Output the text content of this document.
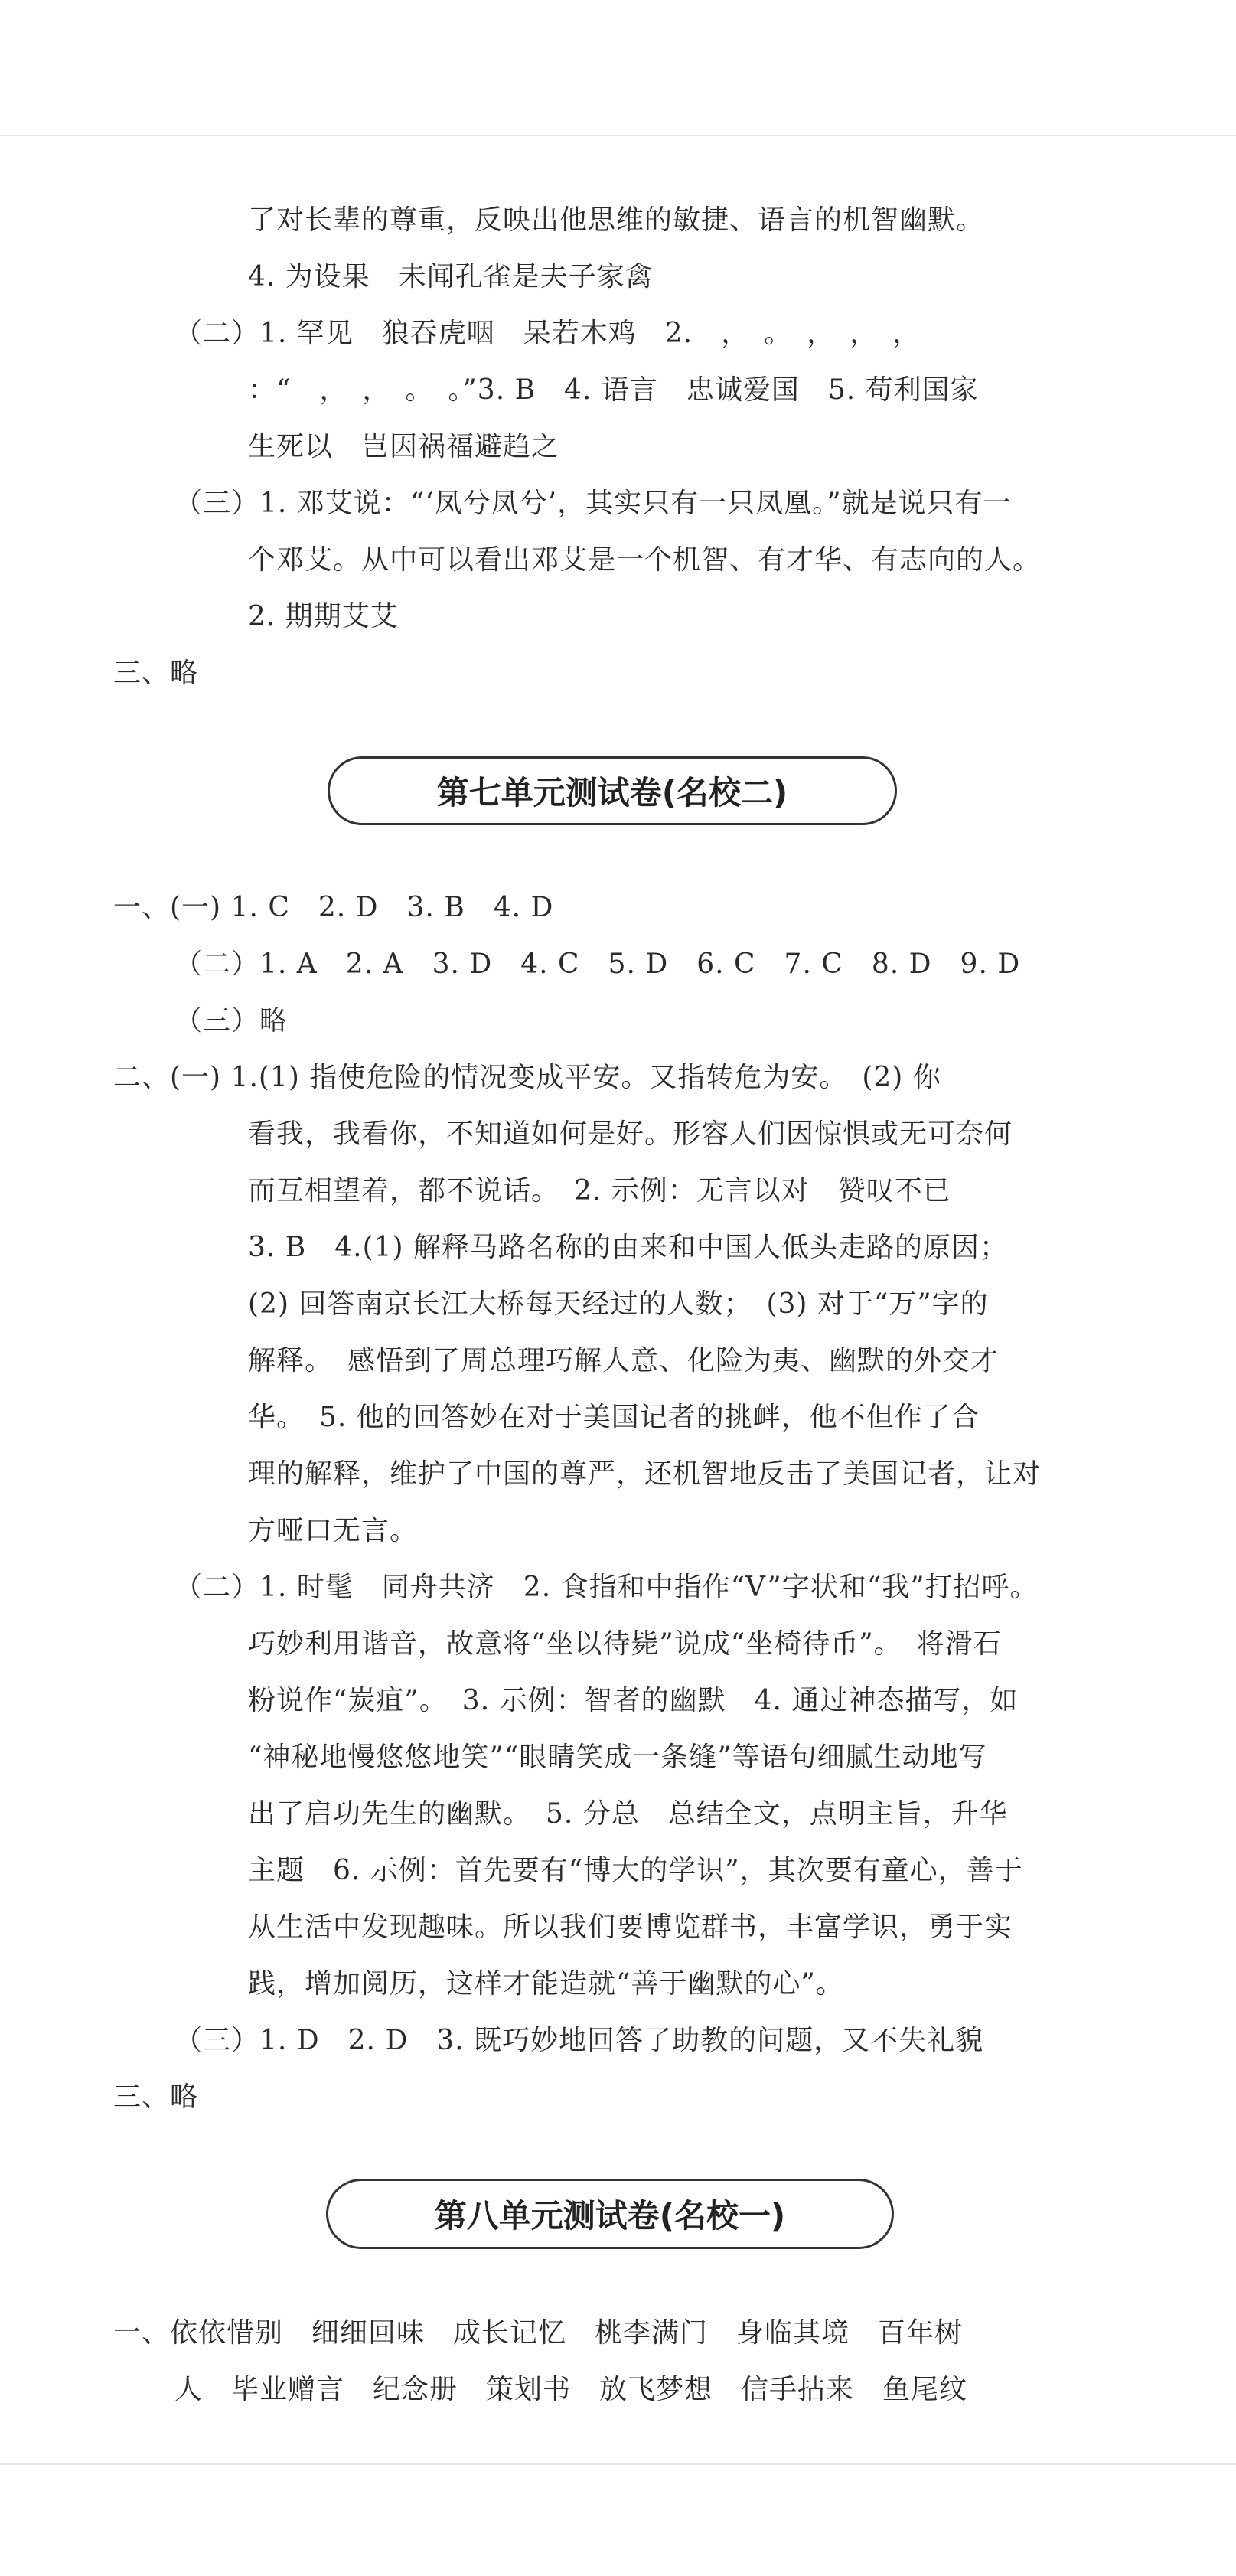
了对长辈的尊重，反映出他思维的敏捷、语言的机智幽默。
4. 为设果　未闻孔雀是夫子家禽
（二）1. 罕见　狼吞虎咽　呆若木鸡　2.　，　。　，　，　，
：“　，　，　。　。”3. B　4. 语言　忠诚爱国　5. 苟利国家
生死以　岂因祸福避趋之
（三）1. 邓艾说：“‘凤兮凤兮’，其实只有一只凤凰。”就是说只有一
个邓艾。从中可以看出邓艾是一个机智、有才华、有志向的人。
2. 期期艾艾
三、略
第七单元测试卷(名校二)
一、(一) 1. C　2. D　3. B　4. D
（二）1. A　2. A　3. D　4. C　5. D　6. C　7. C　8. D　9. D
（三）略
二、(一) 1.(1) 指使危险的情况变成平安。又指转危为安。　(2) 你
看我，我看你，不知道如何是好。形容人们因惊惧或无可奈何
而互相望着，都不说话。　2. 示例：无言以对　赞叹不已
3. B　4.(1) 解释马路名称的由来和中国人低头走路的原因；
(2) 回答南京长江大桥每天经过的人数；　(3) 对于“万”字的
解释。　感悟到了周总理巧解人意、化险为夷、幽默的外交才
华。　5. 他的回答妙在对于美国记者的挑衅，他不但作了合
理的解释，维护了中国的尊严，还机智地反击了美国记者，让对
方哑口无言。
（二）1. 时髦　同舟共济　2. 食指和中指作“V”字状和“我”打招呼。
巧妙利用谐音，故意将“坐以待毙”说成“坐椅待币”。　将滑石
粉说作“炭疽”。　3. 示例：智者的幽默　4. 通过神态描写，如
“神秘地慢悠悠地笑”“眼睛笑成一条缝”等语句细腻生动地写
出了启功先生的幽默。　5. 分总　总结全文，点明主旨，升华
主题　6. 示例：首先要有“博大的学识”，其次要有童心，善于
从生活中发现趣味。所以我们要博览群书，丰富学识，勇于实
践，增加阅历，这样才能造就“善于幽默的心”。
（三）1. D　2. D　3. 既巧妙地回答了助教的问题，又不失礼貌
三、略
第八单元测试卷(名校一)
一、依依惜别　细细回味　成长记忆　桃李满门　身临其境　百年树
人　毕业赠言　纪念册　策划书　放飞梦想　信手拈来　鱼尾纹
